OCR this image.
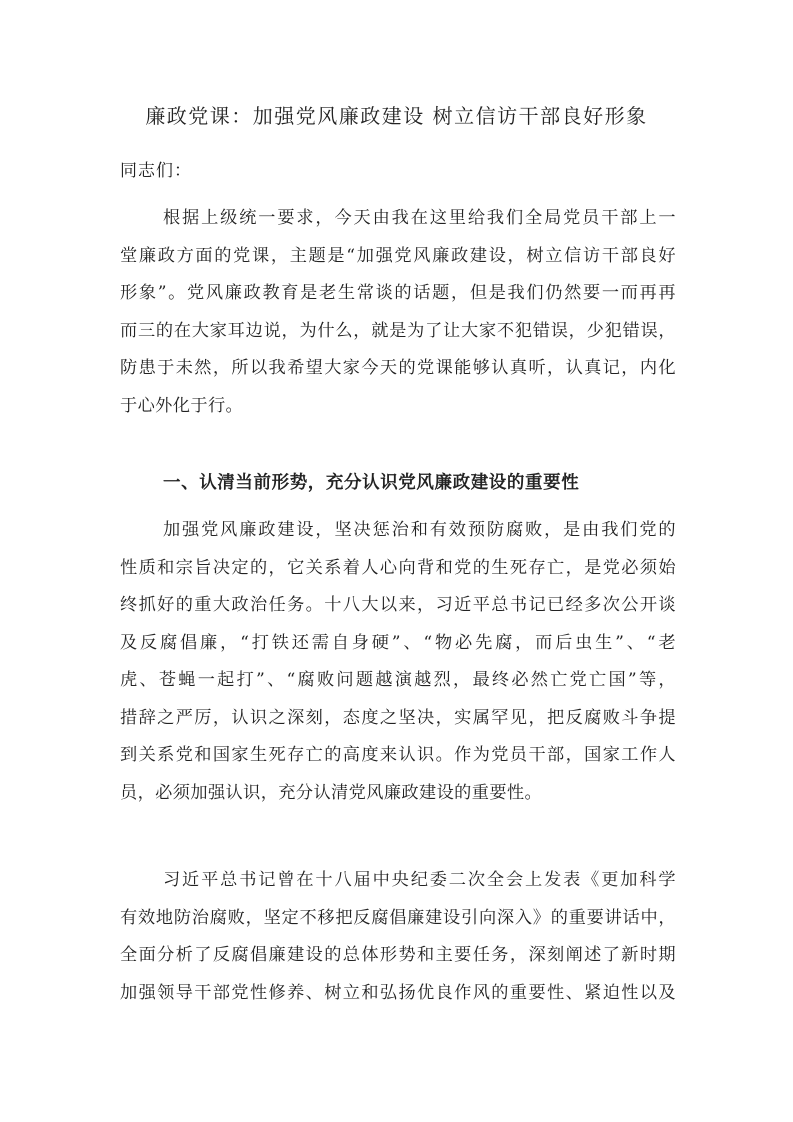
廉政党课：加强党风廉政建设 树立信访干部良好形象
同志们：
根据上级统一要求，今天由我在这里给我们全局党员干部上一
堂廉政方面的党课，主题是“加强党风廉政建设，树立信访干部良好
形象”。党风廉政教育是老生常谈的话题，但是我们仍然要一而再再
而三的在大家耳边说，为什么，就是为了让大家不犯错误，少犯错误，
防患于未然，所以我希望大家今天的党课能够认真听，认真记，内化
于心外化于行。
一、认清当前形势，充分认识党风廉政建设的重要性
加强党风廉政建设，坚决惩治和有效预防腐败，是由我们党的
性质和宗旨决定的，它关系着人心向背和党的生死存亡，是党必须始
终抓好的重大政治任务。十八大以来，习近平总书记已经多次公开谈
及反腐倡廉，“打铁还需自身硬”、“物必先腐，而后虫生”、“老
虎、苍蝇一起打”、“腐败问题越演越烈，最终必然亡党亡国”等，
措辞之严厉，认识之深刻，态度之坚决，实属罕见，把反腐败斗争提
到关系党和国家生死存亡的高度来认识。作为党员干部，国家工作人
员，必须加强认识，充分认清党风廉政建设的重要性。
习近平总书记曾在十八届中央纪委二次全会上发表《更加科学
有效地防治腐败，坚定不移把反腐倡廉建设引向深入》的重要讲话中，
全面分析了反腐倡廉建设的总体形势和主要任务，深刻阐述了新时期
加强领导干部党性修养、树立和弘扬优良作风的重要性、紧迫性以及
